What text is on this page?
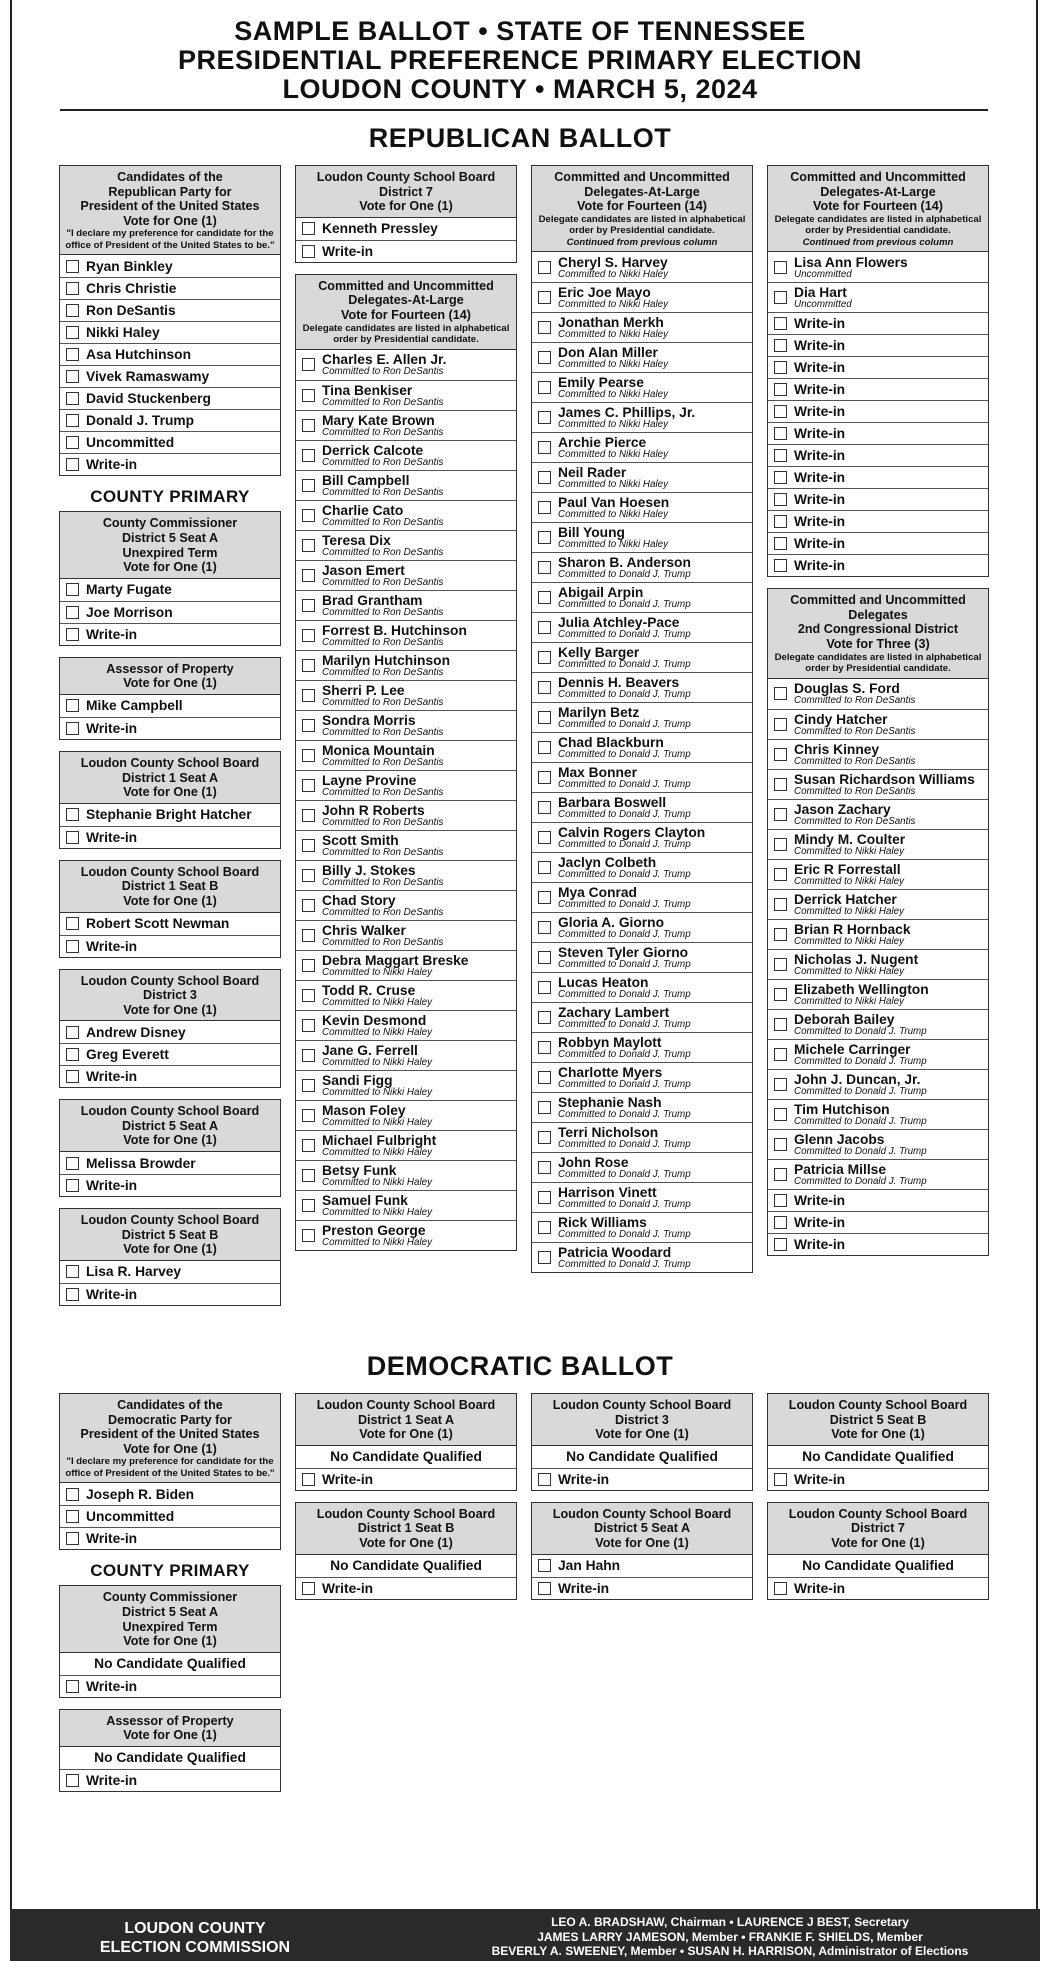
SAMPLE BALLOT • STATE OF TENNESSEE
PRESIDENTIAL PREFERENCE PRIMARY ELECTION
LOUDON COUNTY • MARCH 5, 2024
REPUBLICAN BALLOT
Candidates of the
Republican Party for
President of the United States
Vote for One (1)
"I declare my preference for candidate for the
office of President of the United States to be."
Ryan Binkley
Chris Christie
Ron DeSantis
Nikki Haley
Asa Hutchinson
Vivek Ramaswamy
David Stuckenberg
Donald J. Trump
Uncommitted
Write-in
COUNTY PRIMARY
County Commissioner
District 5 Seat A
Unexpired Term
Vote for One (1)
Marty Fugate
Joe Morrison
Write-in
Assessor of Property
Vote for One (1)
Mike Campbell
Write-in
Loudon County School Board
District 1 Seat A
Vote for One (1)
Stephanie Bright Hatcher
Write-in
Loudon County School Board
District 1 Seat B
Vote for One (1)
Robert Scott Newman
Write-in
Loudon County School Board
District 3
Vote for One (1)
Andrew Disney
Greg Everett
Write-in
Loudon County School Board
District 5 Seat A
Vote for One (1)
Melissa Browder
Write-in
Loudon County School Board
District 5 Seat B
Vote for One (1)
Lisa R. Harvey
Write-in
Loudon County School Board
District 7
Vote for One (1)
Kenneth Pressley
Write-in
Committed and Uncommitted
Delegates-At-Large
Vote for Fourteen (14)
Delegate candidates are listed in alphabetical
order by Presidential candidate.
Charles E. Allen Jr.
Committed to Ron DeSantis
Tina Benkiser
Committed to Ron DeSantis
Mary Kate Brown
Committed to Ron DeSantis
Derrick Calcote
Committed to Ron DeSantis
Bill Campbell
Committed to Ron DeSantis
Charlie Cato
Committed to Ron DeSantis
Teresa Dix
Committed to Ron DeSantis
Jason Emert
Committed to Ron DeSantis
Brad Grantham
Committed to Ron DeSantis
Forrest B. Hutchinson
Committed to Ron DeSantis
Marilyn Hutchinson
Committed to Ron DeSantis
Sherri P. Lee
Committed to Ron DeSantis
Sondra Morris
Committed to Ron DeSantis
Monica Mountain
Committed to Ron DeSantis
Layne Provine
Committed to Ron DeSantis
John R Roberts
Committed to Ron DeSantis
Scott Smith
Committed to Ron DeSantis
Billy J. Stokes
Committed to Ron DeSantis
Chad Story
Committed to Ron DeSantis
Chris Walker
Committed to Ron DeSantis
Debra Maggart Breske
Committed to Nikki Haley
Todd R. Cruse
Committed to Nikki Haley
Kevin Desmond
Committed to Nikki Haley
Jane G. Ferrell
Committed to Nikki Haley
Sandi Figg
Committed to Nikki Haley
Mason Foley
Committed to Nikki Haley
Michael Fulbright
Committed to Nikki Haley
Betsy Funk
Committed to Nikki Haley
Samuel Funk
Committed to Nikki Haley
Preston George
Committed to Nikki Haley
Committed and Uncommitted
Delegates-At-Large
Vote for Fourteen (14)
Delegate candidates are listed in alphabetical
order by Presidential candidate.
Continued from previous column
Cheryl S. Harvey
Committed to Nikki Haley
Eric Joe Mayo
Committed to Nikki Haley
Jonathan Merkh
Committed to Nikki Haley
Don Alan Miller
Committed to Nikki Haley
Emily Pearse
Committed to Nikki Haley
James C. Phillips, Jr.
Committed to Nikki Haley
Archie Pierce
Committed to Nikki Haley
Neil Rader
Committed to Nikki Haley
Paul Van Hoesen
Committed to Nikki Haley
Bill Young
Committed to Nikki Haley
Sharon B. Anderson
Committed to Donald J. Trump
Abigail Arpin
Committed to Donald J. Trump
Julia Atchley-Pace
Committed to Donald J. Trump
Kelly Barger
Committed to Donald J. Trump
Dennis H. Beavers
Committed to Donald J. Trump
Marilyn Betz
Committed to Donald J. Trump
Chad Blackburn
Committed to Donald J. Trump
Max Bonner
Committed to Donald J. Trump
Barbara Boswell
Committed to Donald J. Trump
Calvin Rogers Clayton
Committed to Donald J. Trump
Jaclyn Colbeth
Committed to Donald J. Trump
Mya Conrad
Committed to Donald J. Trump
Gloria A. Giorno
Committed to Donald J. Trump
Steven Tyler Giorno
Committed to Donald J. Trump
Lucas Heaton
Committed to Donald J. Trump
Zachary Lambert
Committed to Donald J. Trump
Robbyn Maylott
Committed to Donald J. Trump
Charlotte Myers
Committed to Donald J. Trump
Stephanie Nash
Committed to Donald J. Trump
Terri Nicholson
Committed to Donald J. Trump
John Rose
Committed to Donald J. Trump
Harrison Vinett
Committed to Donald J. Trump
Rick Williams
Committed to Donald J. Trump
Patricia Woodard
Committed to Donald J. Trump
Committed and Uncommitted
Delegates-At-Large
Vote for Fourteen (14)
Delegate candidates are listed in alphabetical
order by Presidential candidate.
Continued from previous column
Lisa Ann Flowers
Uncommitted
Dia Hart
Uncommitted
Write-in
Write-in
Write-in
Write-in
Write-in
Write-in
Write-in
Write-in
Write-in
Write-in
Write-in
Write-in
Committed and Uncommitted
Delegates
2nd Congressional District
Vote for Three (3)
Delegate candidates are listed in alphabetical
order by Presidential candidate.
Douglas S. Ford
Committed to Ron DeSantis
Cindy Hatcher
Committed to Ron DeSantis
Chris Kinney
Committed to Ron DeSantis
Susan Richardson Williams
Committed to Ron DeSantis
Jason Zachary
Committed to Ron DeSantis
Mindy M. Coulter
Committed to Nikki Haley
Eric R Forrestall
Committed to Nikki Haley
Derrick Hatcher
Committed to Nikki Haley
Brian R Hornback
Committed to Nikki Haley
Nicholas J. Nugent
Committed to Nikki Haley
Elizabeth Wellington
Committed to Nikki Haley
Deborah Bailey
Committed to Donald J. Trump
Michele Carringer
Committed to Donald J. Trump
John J. Duncan, Jr.
Committed to Donald J. Trump
Tim Hutchison
Committed to Donald J. Trump
Glenn Jacobs
Committed to Donald J. Trump
Patricia Millse
Committed to Donald J. Trump
Write-in
Write-in
Write-in
DEMOCRATIC BALLOT
Candidates of the
Democratic Party for
President of the United States
Vote for One (1)
"I declare my preference for candidate for the
office of President of the United States to be."
Joseph R. Biden
Uncommitted
Write-in
COUNTY PRIMARY
County Commissioner
District 5 Seat A
Unexpired Term
Vote for One (1)
No Candidate Qualified
Write-in
Assessor of Property
Vote for One (1)
No Candidate Qualified
Write-in
Loudon County School Board
District 1 Seat A
Vote for One (1)
No Candidate Qualified
Write-in
Loudon County School Board
District 1 Seat B
Vote for One (1)
No Candidate Qualified
Write-in
Loudon County School Board
District 3
Vote for One (1)
No Candidate Qualified
Write-in
Loudon County School Board
District 5 Seat A
Vote for One (1)
Jan Hahn
Write-in
Loudon County School Board
District 5 Seat B
Vote for One (1)
No Candidate Qualified
Write-in
Loudon County School Board
District 7
Vote for One (1)
No Candidate Qualified
Write-in
LOUDON COUNTY
ELECTION COMMISSION
LEO A. BRADSHAW, Chairman • LAURENCE J BEST, Secretary
JAMES LARRY JAMESON, Member • FRANKIE F. SHIELDS, Member
BEVERLY A. SWEENEY, Member • SUSAN H. HARRISON, Administrator of Elections
